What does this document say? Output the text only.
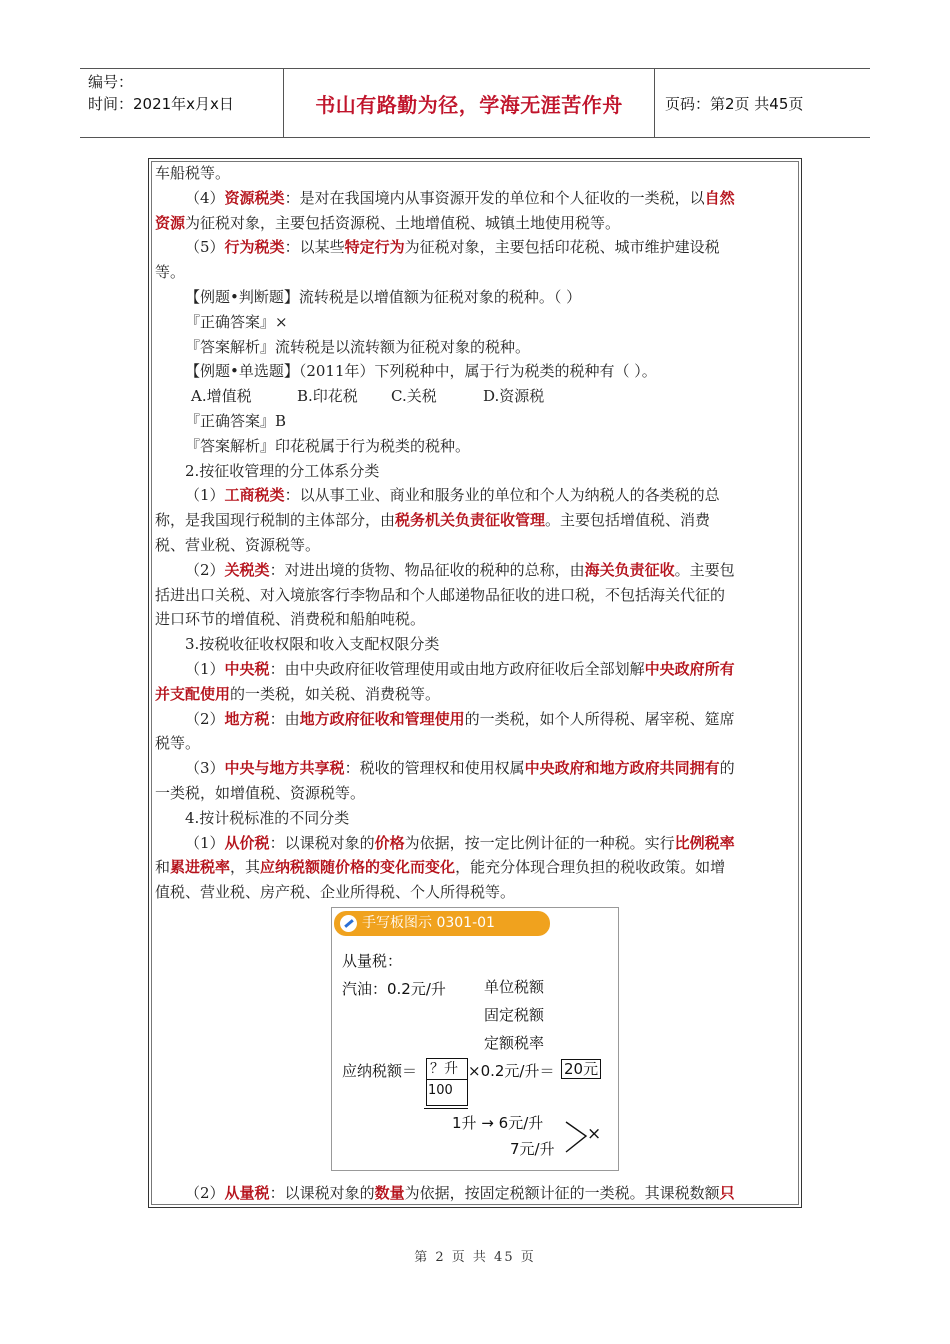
编号：
时间：2021年x月x日	书山有路勤为径，学海无涯苦作舟	页码：第2页 共45页
车船税等。
（4）资源税类：是对在我国境内从事资源开发的单位和个人征收的一类税，以自然
资源为征税对象，主要包括资源税、土地增值税、城镇土地使用税等。
（5）行为税类：以某些特定行为为征税对象，主要包括印花税、城市维护建设税
等。
【例题•判断题】流转税是以增值额为征税对象的税种。（ ）
『正确答案』×
『答案解析』流转税是以流转额为征税对象的税种。
【例题•单选题】（2011年）下列税种中，属于行为税类的税种有（ ）。
A.增值税	B.印花税 C.关税	D.资源税
『正确答案』B
『答案解析』印花税属于行为税类的税种。
2.按征收管理的分工体系分类
（1）工商税类：以从事工业、商业和服务业的单位和个人为纳税人的各类税的总
称，是我国现行税制的主体部分，由税务机关负责征收管理。主要包括增值税、消费
税、营业税、资源税等。
（2）关税类：对进出境的货物、物品征收的税种的总称，由海关负责征收。主要包
括进出口关税、对入境旅客行李物品和个人邮递物品征收的进口税，不包括海关代征的
进口环节的增值税、消费税和船舶吨税。
3.按税收征收权限和收入支配权限分类
（1）中央税：由中央政府征收管理使用或由地方政府征收后全部划解中央政府所有
并支配使用的一类税，如关税、消费税等。
（2）地方税：由地方政府征收和管理使用的一类税，如个人所得税、屠宰税、筵席
税等。
（3）中央与地方共享税：税收的管理权和使用权属中央政府和地方政府共同拥有的
一类税，如增值税、资源税等。
4.按计税标准的不同分类
（1）从价税：以课税对象的价格为依据，按一定比例计征的一种税。实行比例税率
和累进税率，其应纳税额随价格的变化而变化，能充分体现合理负担的税收政策。如增
值税、营业税、房产税、企业所得税、个人所得税等。
手写板图示 0301-01
从量税：
汽油：0.2元/升	单位税额
固定税额
定额税率
应纳税额＝ ？升
100
×0.2元/升＝ 20元
1升 → 6元/升
7元/升
×
（2）从量税：以课税对象的数量为依据，按固定税额计征的一类税。其课税数额只
第 2 页 共 45 页
